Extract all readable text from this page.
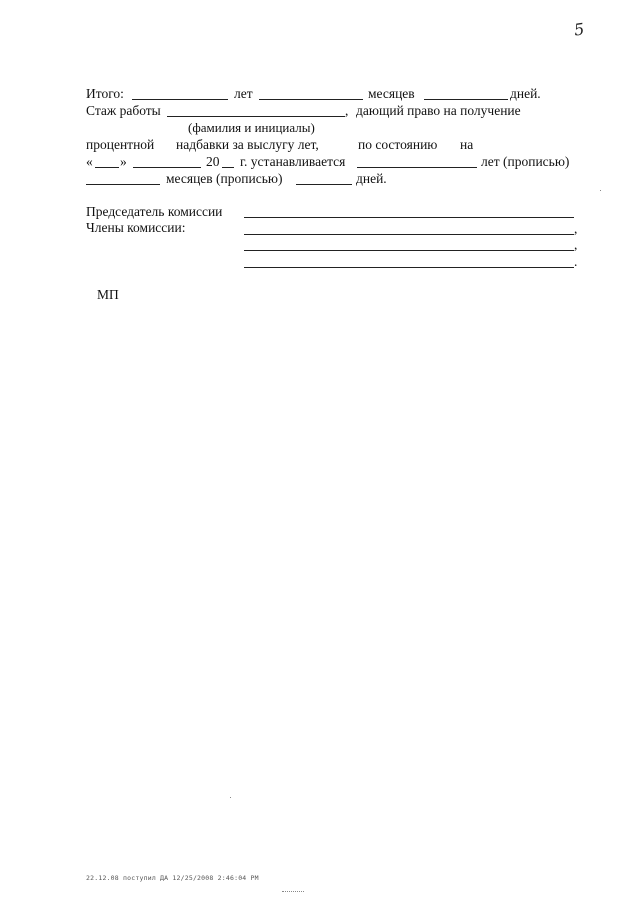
5
Итого:	лет	месяцев	дней.
Стаж работы	, дающий право на получение
(фамилия и инициалы)
процентной надбавки за выслугу лет,	по состоянию на
« »	20 г. устанавливается	лет (прописью)
месяцев (прописью)	дней.
Председатель комиссии
Члены комиссии:	,
,
.
МП
22.12.08 поступил ДА 12/25/2008 2:46:04 PM
